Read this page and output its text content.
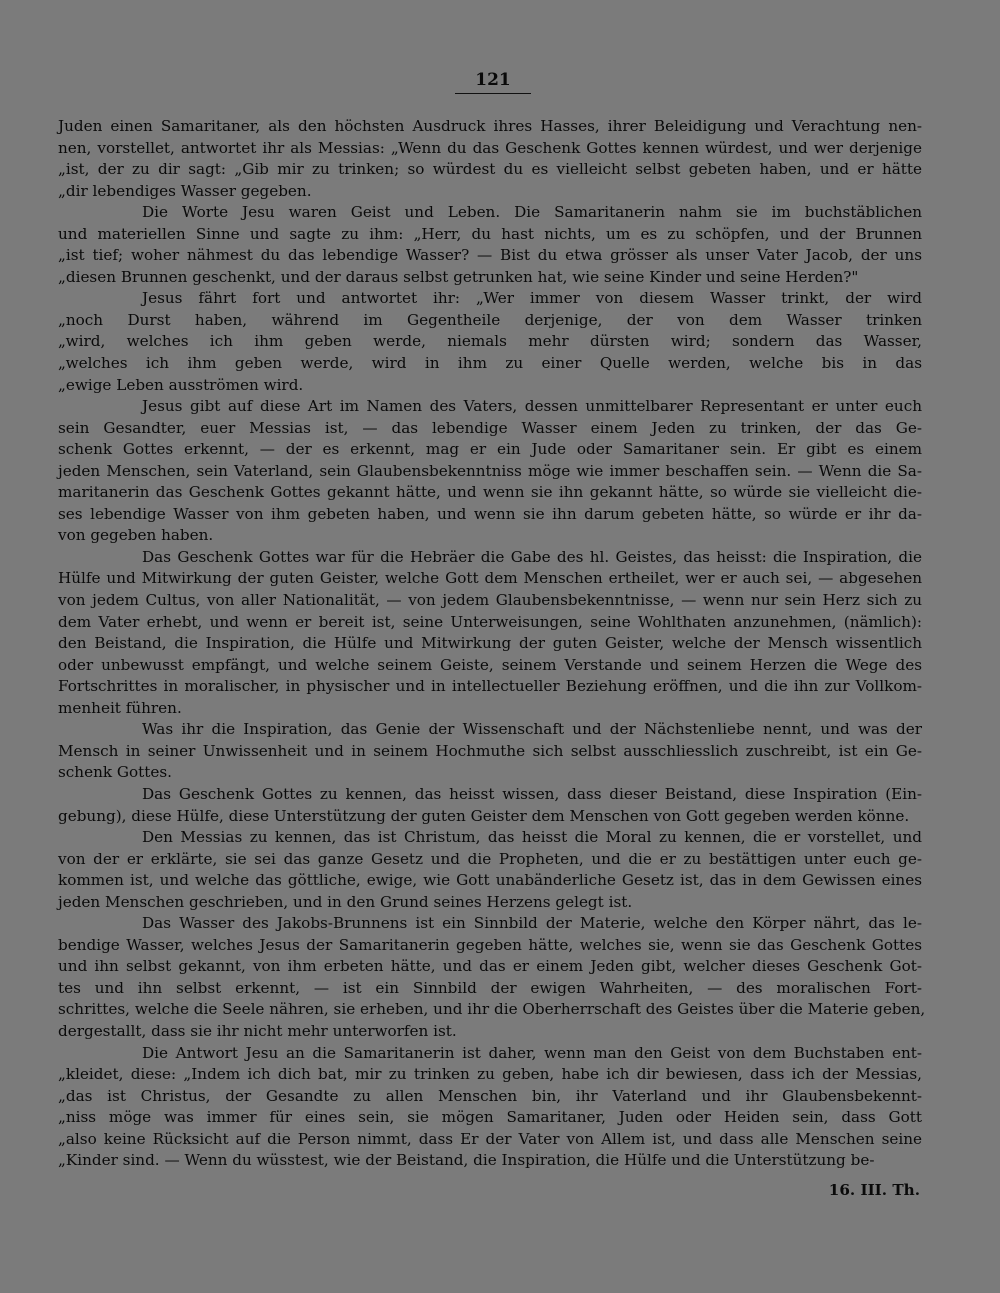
121

Juden einen Samaritaner, als den höchsten Ausdruck ihres Hasses, ihrer Beleidigung und Verachtung nen-
nen, vorstellet, antwortet ihr als Messias: „Wenn du das Geschenk Gottes kennen würdest, und wer derjenige
„ist, der zu dir sagt: „Gib mir zu trinken; so würdest du es vielleicht selbst gebeten haben, und er hätte
„dir lebendiges Wasser gegeben.

Die Worte Jesu waren Geist und Leben. Die Samaritanerin nahm sie im buchstäblichen
und materiellen Sinne und sagte zu ihm: „Herr, du hast nichts, um es zu schöpfen, und der Brunnen
„ist tief; woher nähmest du das lebendige Wasser? — Bist du etwa grösser als unser Vater Jacob, der uns
„diesen Brunnen geschenkt, und der daraus selbst getrunken hat, wie seine Kinder und seine Herden?"

Jesus fährt fort und antwortet ihr: „Wer immer von diesem Wasser trinkt, der wird
„noch Durst haben, während im Gegentheile derjenige, der von dem Wasser trinken
„wird, welches ich ihm geben werde, niemals mehr dürsten wird; sondern das Wasser,
„welches ich ihm geben werde, wird in ihm zu einer Quelle werden, welche bis in das
„ewige Leben ausströmen wird.

Jesus gibt auf diese Art im Namen des Vaters, dessen unmittelbarer Representant er unter euch
sein Gesandter, euer Messias ist, — das lebendige Wasser einem Jeden zu trinken, der das Ge-
schenk Gottes erkennt, — der es erkennt, mag er ein Jude oder Samaritaner sein. Er gibt es einem
jeden Menschen, sein Vaterland, sein Glaubensbekenntniss möge wie immer beschaffen sein. — Wenn die Sa-
maritanerin das Geschenk Gottes gekannt hätte, und wenn sie ihn gekannt hätte, so würde sie vielleicht die-
ses lebendige Wasser von ihm gebeten haben, und wenn sie ihn darum gebeten hätte, so würde er ihr da-
von gegeben haben.

Das Geschenk Gottes war für die Hebräer die Gabe des hl. Geistes, das heisst: die Inspiration, die
Hülfe und Mitwirkung der guten Geister, welche Gott dem Menschen ertheilet, wer er auch sei, — abgesehen
von jedem Cultus, von aller Nationalität, — von jedem Glaubensbekenntnisse, — wenn nur sein Herz sich zu
dem Vater erhebt, und wenn er bereit ist, seine Unterweisungen, seine Wohlthaten anzunehmen, (nämlich):
den Beistand, die Inspiration, die Hülfe und Mitwirkung der guten Geister, welche der Mensch wissentlich
oder unbewusst empfängt, und welche seinem Geiste, seinem Verstande und seinem Herzen die Wege des
Fortschrittes in moralischer, in physischer und in intellectueller Beziehung eröffnen, und die ihn zur Vollkom-
menheit führen.

Was ihr die Inspiration, das Genie der Wissenschaft und der Nächstenliebe nennt, und was der
Mensch in seiner Unwissenheit und in seinem Hochmuthe sich selbst ausschliesslich zuschreibt, ist ein Ge-
schenk Gottes.

Das Geschenk Gottes zu kennen, das heisst wissen, dass dieser Beistand, diese Inspiration (Ein-
gebung), diese Hülfe, diese Unterstützung der guten Geister dem Menschen von Gott gegeben werden könne.

Den Messias zu kennen, das ist Christum, das heisst die Moral zu kennen, die er vorstellet, und
von der er erklärte, sie sei das ganze Gesetz und die Propheten, und die er zu bestättigen unter euch ge-
kommen ist, und welche das göttliche, ewige, wie Gott unabänderliche Gesetz ist, das in dem Gewissen eines
jeden Menschen geschrieben, und in den Grund seines Herzens gelegt ist.

Das Wasser des Jakobs-Brunnens ist ein Sinnbild der Materie, welche den Körper nährt, das le-
bendige Wasser, welches Jesus der Samaritanerin gegeben hätte, welches sie, wenn sie das Geschenk Gottes
und ihn selbst gekannt, von ihm erbeten hätte, und das er einem Jeden gibt, welcher dieses Geschenk Got-
tes und ihn selbst erkennt, — ist ein Sinnbild der ewigen Wahrheiten, — des moralischen Fort-
schrittes, welche die Seele nähren, sie erheben, und ihr die Oberherrschaft des Geistes über die Materie geben,
dergestallt, dass sie ihr nicht mehr unterworfen ist.

Die Antwort Jesu an die Samaritanerin ist daher, wenn man den Geist von dem Buchstaben ent-
„kleidet, diese: „Indem ich dich bat, mir zu trinken zu geben, habe ich dir bewiesen, dass ich der Messias,
„das ist Christus, der Gesandte zu allen Menschen bin, ihr Vaterland und ihr Glaubensbekennt-
„niss möge was immer für eines sein, sie mögen Samaritaner, Juden oder Heiden sein, dass Gott
„also keine Rücksicht auf die Person nimmt, dass Er der Vater von Allem ist, und dass alle Menschen seine
„Kinder sind. — Wenn du wüsstest, wie der Beistand, die Inspiration, die Hülfe und die Unterstützung be-

16. III. Th.
